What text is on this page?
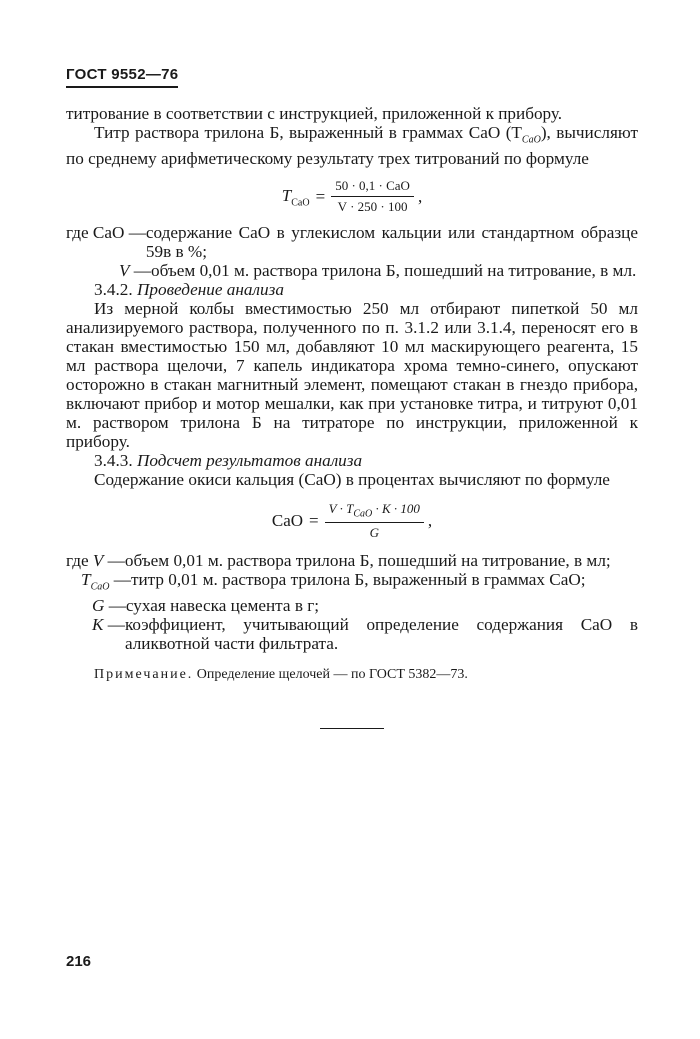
ГОСТ 9552—76

титрование в соответствии с инструкцией, приложенной к прибору.

Титр раствора трилона Б, выраженный в граммах CaO $(T_{CaO})$, вычисляют по среднему арифметическому результату трех титрований по формуле

$T_{CaO} = \frac{\text{50 · 0,1 · CaO}}{V \cdot 250 \cdot 100}$ ,
где CaO — содержание CaO в углекислом кальции или стандартном образце 59в в %;
V — объем 0,01 м. раствора трилона Б, пошедший на титрование, в мл.

3.4.2. Проведение анализа

Из мерной колбы вместимостью 250 мл отбирают пипеткой 50 мл анализируемого раствора, полученного по п. 3.1.2 или 3.1.4, переносят его в стакан вместимостью 150 мл, добавляют 10 мл маскирующего реагента, 15 мл раствора щелочи, 7 капель индикатора хрома темно-синего, опускают осторожно в стакан магнитный элемент, помещают стакан в гнездо прибора, включают прибор и мотор мешалки, как при установке титра, и титруют 0,01 м. раствором трилона Б на титраторе по инструкции, приложенной к прибору.

3.4.3. Подсчет результатов анализа

Содержание окиси кальция (CaO) в процентах вычисляют по формуле

CaO = $\frac{V \cdot T_{CaO} \cdot K \cdot 100}{G}$ ,
где V — объем 0,01 м. раствора трилона Б, пошедший на титрование, в мл;
$T_{CaO}$ — титр 0,01 м. раствора трилона Б, выраженный в граммах CaO;
G — сухая навеска цемента в г;
K — коэффициент, учитывающий определение содержания CaO в аликвотной части фильтрата.

Примечание. Определение щелочей — по ГОСТ 5382—73.

216
